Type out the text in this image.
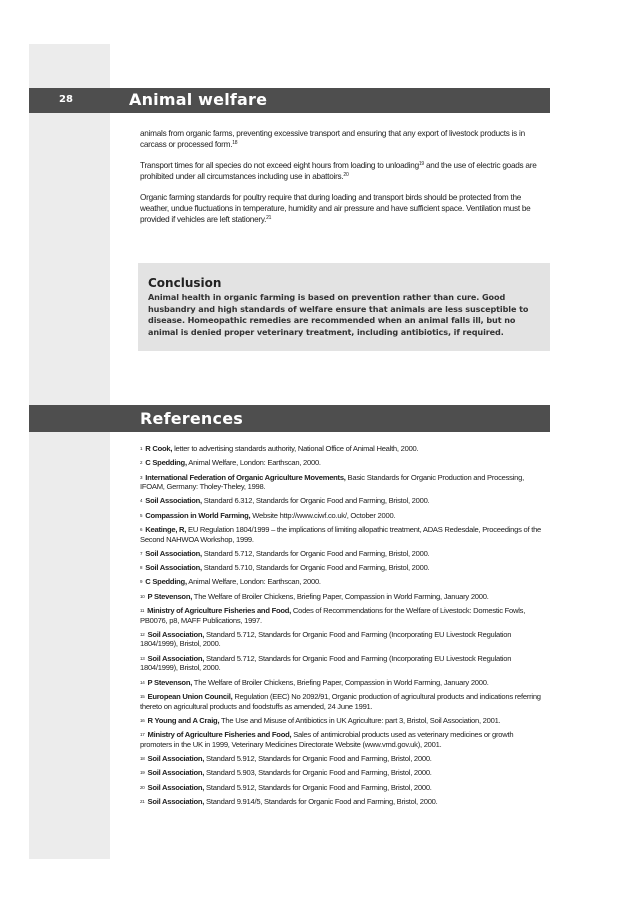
28	Animal welfare

animals from organic farms, preventing excessive transport and ensuring that any export of livestock products is in carcass or processed form.$^{18}$

Transport times for all species do not exceed eight hours from loading to unloading$^{19}$ and the use of electric goads are prohibited under all circumstances including use in abattoirs.$^{20}$

Organic farming standards for poultry require that during loading and transport birds should be protected from the weather, undue fluctuations in temperature, humidity and air pressure and have sufficient space. Ventilation must be provided if vehicles are left stationery.$^{21}$

Conclusion
Animal health in organic farming is based on prevention rather than cure. Good husbandry and high standards of welfare ensure that animals are less susceptible to disease. Homeopathic remedies are recommended when an animal falls ill, but no animal is denied proper veterinary treatment, including antibiotics, if required.
References
$^1$ R Cook, letter to advertising standards authority, National Office of Animal Health, 2000.
$^2$ C Spedding, Animal Welfare, London: Earthscan, 2000.
$^3$ International Federation of Organic Agriculture Movements, Basic Standards for Organic Production and Processing, IFOAM, Germany: Tholey-Theley, 1998.
$^4$ Soil Association, Standard 6.312, Standards for Organic Food and Farming, Bristol, 2000.
$^5$ Compassion in World Farming, Website http://www.ciwf.co.uk/, October 2000.
$^6$ Keatinge, R, EU Regulation 1804/1999 – the implications of limiting allopathic treatment, ADAS Redesdale, Proceedings of the Second NAHWOA Workshop, 1999.
$^7$ Soil Association, Standard 5.712, Standards for Organic Food and Farming, Bristol, 2000.
$^8$ Soil Association, Standard 5.710, Standards for Organic Food and Farming, Bristol, 2000.
$^9$ C Spedding, Animal Welfare, London: Earthscan, 2000.
$^{10}$ P Stevenson, The Welfare of Broiler Chickens, Briefing Paper, Compassion in World Farming, January 2000.
$^{11}$ Ministry of Agriculture Fisheries and Food, Codes of Recommendations for the Welfare of Livestock: Domestic Fowls, PB0076, p8, MAFF Publications, 1997.
$^{12}$ Soil Association, Standard 5.712, Standards for Organic Food and Farming (Incorporating EU Livestock Regulation 1804/1999), Bristol, 2000.
$^{13}$ Soil Association, Standard 5.712, Standards for Organic Food and Farming (Incorporating EU Livestock Regulation 1804/1999), Bristol, 2000.
$^{14}$ P Stevenson, The Welfare of Broiler Chickens, Briefing Paper, Compassion in World Farming, January 2000.
$^{15}$ European Union Council, Regulation (EEC) No 2092/91, Organic production of agricultural products and indications referring thereto on agricultural products and foodstuffs as amended, 24 June 1991.
$^{16}$ R Young and A Craig, The Use and Misuse of Antibiotics in UK Agriculture: part 3, Bristol, Soil Association, 2001.
$^{17}$ Ministry of Agriculture Fisheries and Food, Sales of antimicrobial products used as veterinary medicines or growth promoters in the UK in 1999, Veterinary Medicines Directorate Website (www.vmd.gov.uk), 2001.
$^{18}$ Soil Association, Standard 5.912, Standards for Organic Food and Farming, Bristol, 2000.
$^{19}$ Soil Association, Standard 5.903, Standards for Organic Food and Farming, Bristol, 2000.
$^{20}$ Soil Association, Standard 5.912, Standards for Organic Food and Farming, Bristol, 2000.
$^{21}$ Soil Association, Standard 9.914/5, Standards for Organic Food and Farming, Bristol, 2000.
